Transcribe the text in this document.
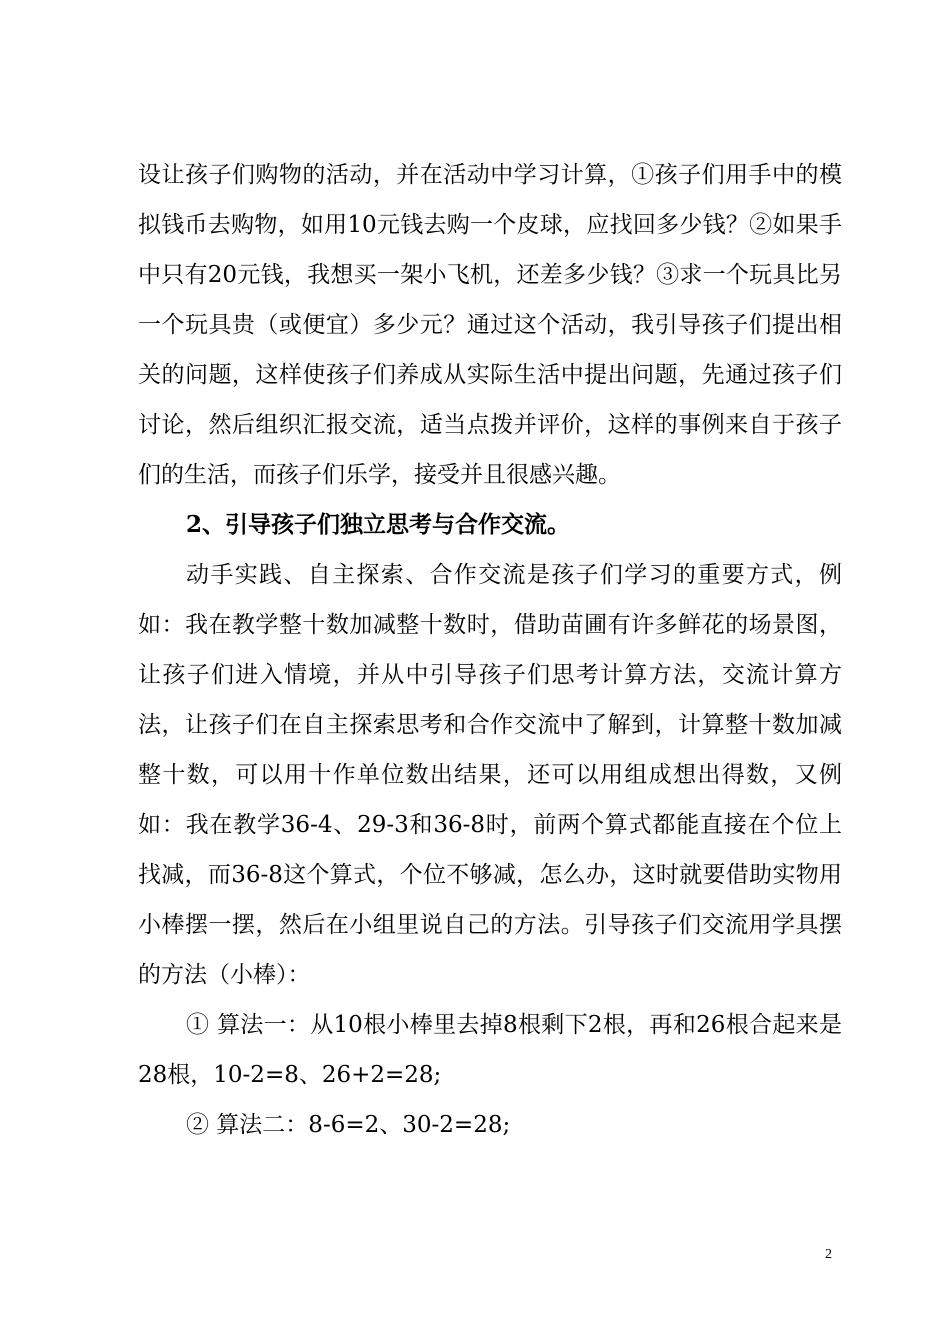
设让孩子们购物的活动，并在活动中学习计算，①孩子们用手中的模拟钱币去购物，如用10元钱去购一个皮球，应找回多少钱？②如果手中只有20元钱，我想买一架小飞机，还差多少钱？③求一个玩具比另一个玩具贵（或便宜）多少元？通过这个活动，我引导孩子们提出相关的问题，这样使孩子们养成从实际生活中提出问题，先通过孩子们讨论，然后组织汇报交流，适当点拨并评价，这样的事例来自于孩子们的生活，而孩子们乐学，接受并且很感兴趣。

2、引导孩子们独立思考与合作交流。

动手实践、自主探索、合作交流是孩子们学习的重要方式，例如：我在教学整十数加减整十数时，借助苗圃有许多鲜花的场景图，让孩子们进入情境，并从中引导孩子们思考计算方法，交流计算方法，让孩子们在自主探索思考和合作交流中了解到，计算整十数加减整十数，可以用十作单位数出结果，还可以用组成想出得数，又例如：我在教学36-4、29-3和36-8时，前两个算式都能直接在个位上找减，而36-8这个算式，个位不够减，怎么办，这时就要借助实物用小棒摆一摆，然后在小组里说自己的方法。引导孩子们交流用学具摆的方法（小棒）：

① 算法一：从10根小棒里去掉8根剩下2根，再和26根合起来是28根，10-2=8、26+2=28;

② 算法二：8-6=2、30-2=28;

2
